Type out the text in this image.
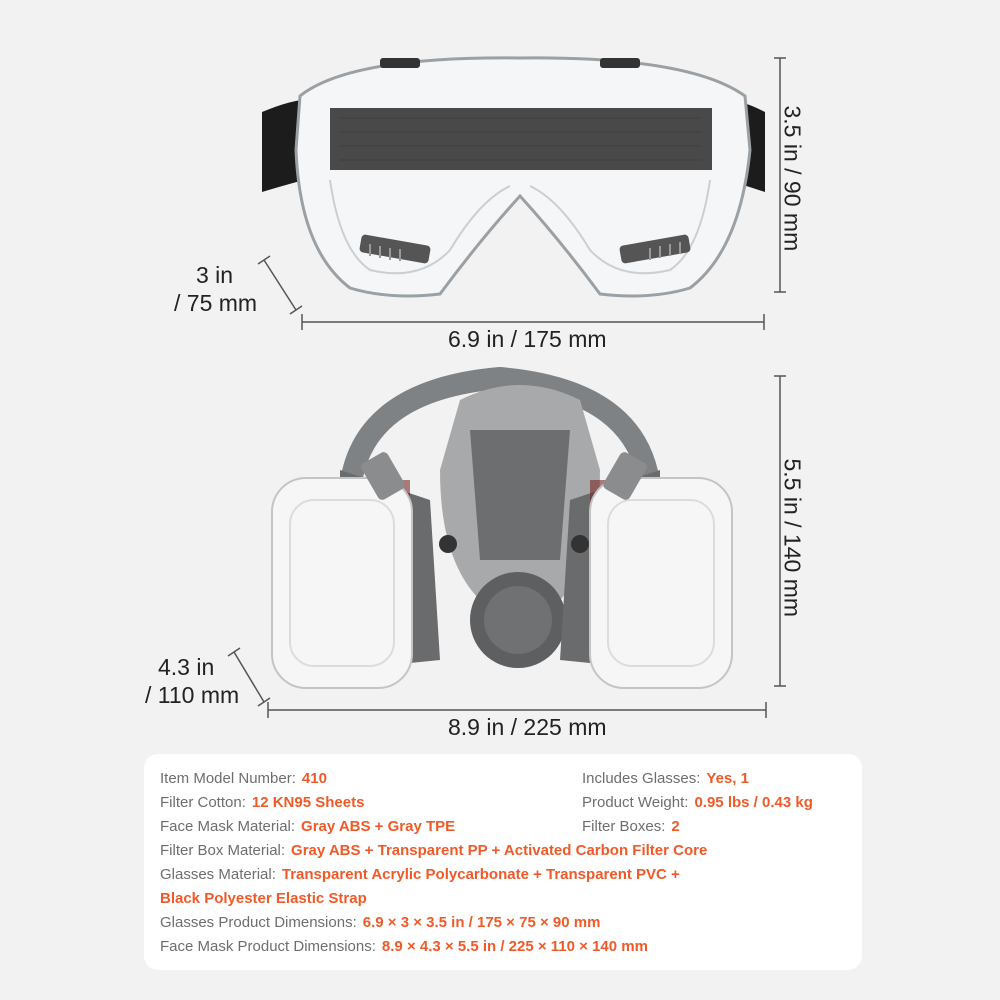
3.5 in / 90 mm
6.9 in / 175 mm
3 in
/ 75 mm
5.5 in / 140 mm
8.9 in / 225 mm
4.3 in
/ 110 mm
Item Model Number: 410	Includes Glasses: Yes, 1
Filter Cotton: 12 KN95 Sheets	Product Weight: 0.95 lbs / 0.43 kg
Face Mask Material: Gray ABS + Gray TPE	Filter Boxes: 2
Filter Box Material: Gray ABS + Transparent PP + Activated Carbon Filter Core
Glasses Material: Transparent Acrylic Polycarbonate + Transparent PVC +
Black Polyester Elastic Strap
Glasses Product Dimensions: 6.9 × 3 × 3.5 in / 175 × 75 × 90 mm
Face Mask Product Dimensions: 8.9 × 4.3 × 5.5 in / 225 × 110 × 140 mm
